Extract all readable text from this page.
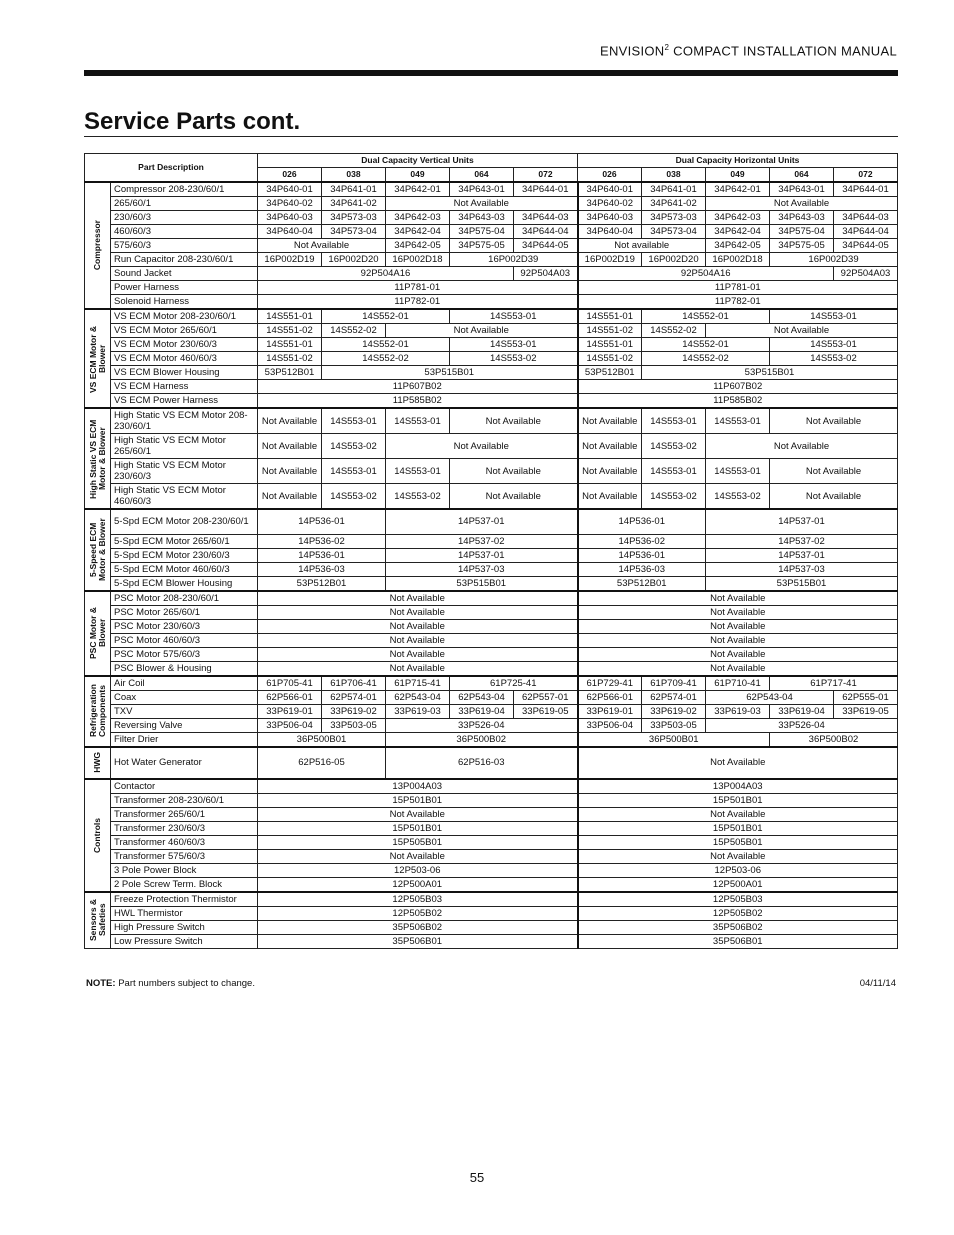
ENVISION$^2$ COMPACT INSTALLATION MANUAL
Service Parts cont.
Part Description		Dual Capacity Vertical Units					Dual Capacity Horizontal Units				
		026	038	049	064	072	026	038	049	064	072

Compressor	Compressor 208-230/60/1	34P640-01	34P641-01	34P642-01	34P643-01	34P644-01	34P640-01	34P641-01	34P642-01	34P643-01	34P644-01
	265/60/1	34P640-02	34P641-02	Not Available			34P640-02	34P641-02	Not Available		
	230/60/3	34P640-03	34P573-03	34P642-03	34P643-03	34P644-03	34P640-03	34P573-03	34P642-03	34P643-03	34P644-03
	460/60/3	34P640-04	34P573-04	34P642-04	34P575-04	34P644-04	34P640-04	34P573-04	34P642-04	34P575-04	34P644-04
	575/60/3	Not Available		34P642-05	34P575-05	34P644-05	Not available		34P642-05	34P575-05	34P644-05
	Run Capacitor 208-230/60/1	16P002D19	16P002D20	16P002D18	16P002D39		16P002D19	16P002D20	16P002D18	16P002D39	
	Sound Jacket	92P504A16				92P504A03	92P504A16				92P504A03
	Power Harness	11P781-01					11P781-01				
	Solenoid Harness	11P782-01					11P782-01				

VS ECM Motor & Blower	VS ECM Motor 208-230/60/1	14S551-01	14S552-01		14S553-01		14S551-01	14S552-01		14S553-01	
	VS ECM Motor 265/60/1	14S551-02	14S552-02	Not Available			14S551-02	14S552-02	Not Available		
	VS ECM Motor 230/60/3	14S551-01	14S552-01		14S553-01		14S551-01	14S552-01		14S553-01	
	VS ECM Motor 460/60/3	14S551-02	14S552-02		14S553-02		14S551-02	14S552-02		14S553-02	
	VS ECM Blower Housing	53P512B01	53P515B01				53P512B01	53P515B01			
	VS ECM Harness	11P607B02					11P607B02				
	VS ECM Power Harness	11P585B02					11P585B02				

High Static VS ECM Motor & Blower	High Static VS ECM Motor 208-230/60/1	Not Available	14S553-01	14S553-01	Not Available		Not Available	14S553-01	14S553-01	Not Available	
	High Static VS ECM Motor 265/60/1	Not Available	14S553-02	Not Available			Not Available	14S553-02	Not Available		
	High Static VS ECM Motor 230/60/3	Not Available	14S553-01	14S553-01	Not Available		Not Available	14S553-01	14S553-01	Not Available	
	High Static VS ECM Motor 460/60/3	Not Available	14S553-02	14S553-02	Not Available		Not Available	14S553-02	14S553-02	Not Available	

5-Speed ECM Motor & Blower	5-Spd ECM Motor 208-230/60/1	14P536-01		14P537-01			14P536-01		14P537-01		
	5-Spd ECM Motor 265/60/1	14P536-02		14P537-02			14P536-02		14P537-02		
	5-Spd ECM Motor 230/60/3	14P536-01		14P537-01			14P536-01		14P537-01		
	5-Spd ECM Motor 460/60/3	14P536-03		14P537-03			14P536-03		14P537-03		
	5-Spd ECM Blower Housing	53P512B01		53P515B01			53P512B01		53P515B01		

PSC Motor & Blower	PSC Motor 208-230/60/1	Not Available					Not Available				
	PSC Motor 265/60/1	Not Available					Not Available				
	PSC Motor 230/60/3	Not Available					Not Available				
	PSC Motor 460/60/3	Not Available					Not Available				
	PSC Motor 575/60/3	Not Available					Not Available				
	PSC Blower & Housing	Not Available					Not Available				

Refrigeration Components	Air Coil	61P705-41	61P706-41	61P715-41	61P725-41		61P729-41	61P709-41	61P710-41	61P717-41	
	Coax	62P566-01	62P574-01	62P543-04	62P543-04	62P557-01	62P566-01	62P574-01	62P543-04		62P555-01
	TXV	33P619-01	33P619-02	33P619-03	33P619-04	33P619-05	33P619-01	33P619-02	33P619-03	33P619-04	33P619-05
	Reversing Valve	33P506-04	33P503-05	33P526-04			33P506-04	33P503-05	33P526-04		
	Filter Drier	36P500B01		36P500B02			36P500B01			36P500B02	

HWG	Hot Water Generator	62P516-05		62P516-03			Not Available				

Controls	Contactor	13P004A03					13P004A03				
	Transformer 208-230/60/1	15P501B01					15P501B01				
	Transformer 265/60/1	Not Available					Not Available				
	Transformer 230/60/3	15P501B01					15P501B01				
	Transformer 460/60/3	15P505B01					15P505B01				
	Transformer 575/60/3	Not Available					Not Available				
	3 Pole Power Block	12P503-06					12P503-06				
	2 Pole Screw Term. Block	12P500A01					12P500A01				

Sensors & Safeties	Freeze Protection Thermistor	12P505B03					12P505B03				
	HWL Thermistor	12P505B02					12P505B02				
	High Pressure Switch	35P506B02					35P506B02				
	Low Pressure Switch	35P506B01					35P506B01				
NOTE: Part numbers subject to change.	04/11/14
55
